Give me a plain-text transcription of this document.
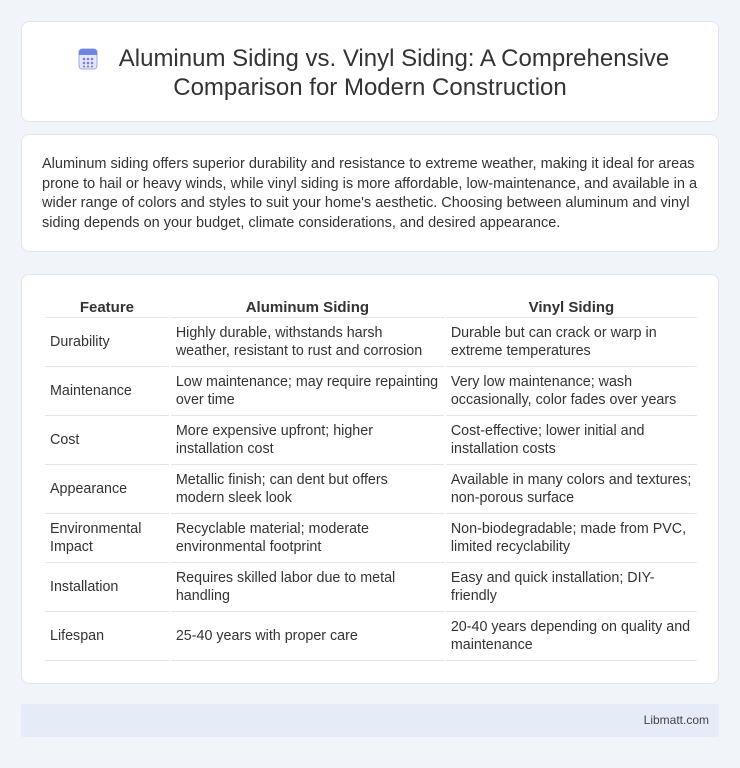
Aluminum Siding vs. Vinyl Siding: A Comprehensive
Comparison for Modern Construction

Aluminum siding offers superior durability and resistance to extreme weather, making it ideal for areas prone to hail or heavy winds, while vinyl siding is more affordable, low-maintenance, and available in a wider range of colors and styles to suit your home's aesthetic. Choosing between aluminum and vinyl siding depends on your budget, climate considerations, and desired appearance.

Feature	Aluminum Siding	Vinyl Siding
Durability	Highly durable, withstands harsh weather, resistant to rust and corrosion	Durable but can crack or warp in extreme temperatures
Maintenance	Low maintenance; may require repainting over time	Very low maintenance; wash occasionally, color fades over years
Cost	More expensive upfront; higher installation cost	Cost-effective; lower initial and installation costs
Appearance	Metallic finish; can dent but offers modern sleek look	Available in many colors and textures; non-porous surface
Environmental Impact	Recyclable material; moderate environmental footprint	Non-biodegradable; made from PVC, limited recyclability
Installation	Requires skilled labor due to metal handling	Easy and quick installation; DIY-friendly
Lifespan	25-40 years with proper care	20-40 years depending on quality and maintenance
Libmatt.com
